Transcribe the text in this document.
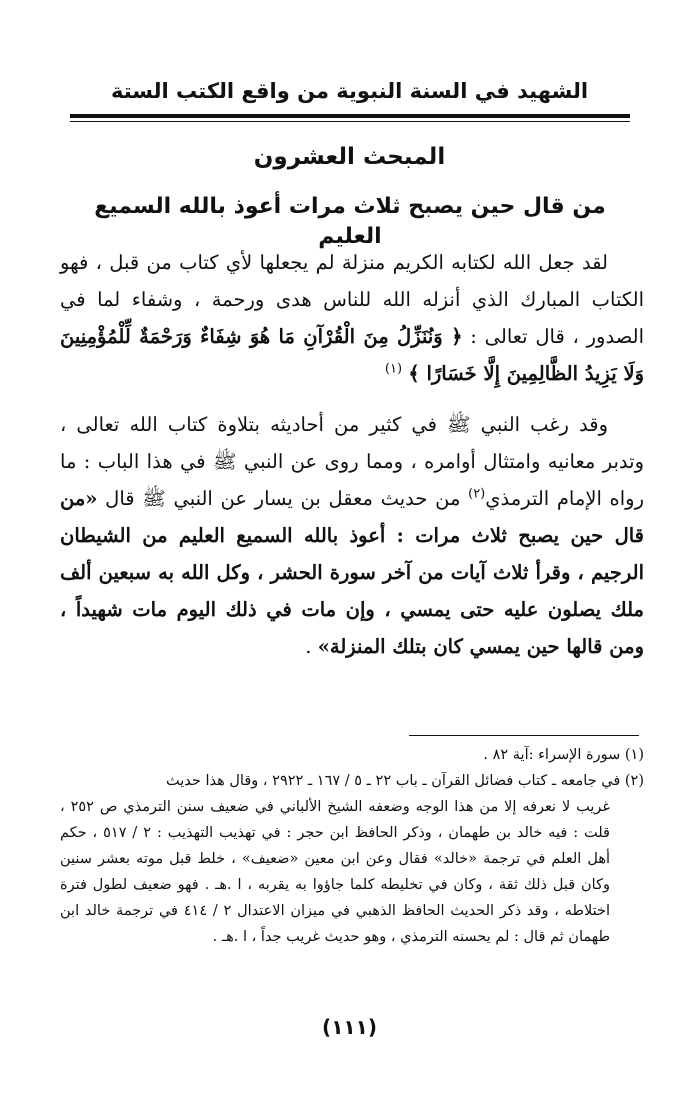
الشهيد في السنة النبوية من واقع الكتب الستة
المبحث العشرون
من قال حين يصبح ثلاث مرات أعوذ بالله السميع العليم

لقد جعل الله لكتابه الكريم منزلة لم يجعلها لأي كتاب من قبل ، فهو الكتاب المبارك الذي أنزله الله للناس هدى ورحمة ، وشفاء لما في الصدور ، قال تعالى : ﴿ وَنُنَزِّلُ مِنَ الْقُرْآنِ مَا هُوَ شِفَاءٌ وَرَحْمَةٌ لِّلْمُؤْمِنِينَ وَلَا يَزِيدُ الظَّالِمِينَ إِلَّا خَسَارًا ﴾ $^{(١)}$

وقد رغب النبي ﷺ في كثير من أحاديثه بتلاوة كتاب الله تعالى ، وتدبر معانيه وامتثال أوامره ، ومما روى عن النبي ﷺ في هذا الباب : ما رواه الإمام الترمذي$^{(٢)}$ من حديث معقل بن يسار عن النبي ﷺ قال «من قال حين يصبح ثلاث مرات : أعوذ بالله السميع العليم من الشيطان الرجيم ، وقرأ ثلاث آيات من آخر سورة الحشر ، وكل الله به سبعين ألف ملك يصلون عليه حتى يمسي ، وإن مات في ذلك اليوم مات شهيداً ، ومن قالها حين يمسي كان بتلك المنزلة» .

(١) سورة الإسراء :آية ٨٢ .

(٢) في جامعه ـ كتاب فضائل القرآن ـ باب ٢٢ ـ ٥ / ١٦٧ ـ ٢٩٢٢ ، وقال هذا حديث

غريب لا نعرفه إلا من هذا الوجه وضعفه الشيخ الألباني في ضعيف سنن الترمذي ص ٢٥٢ ، قلت : فيه خالد بن طهمان ، وذكر الحافظ ابن حجر : في تهذيب التهذيب : ٢ / ٥١٧ ، حكم أهل العلم في ترجمة «خالد» فقال وعن ابن معين «ضعيف» ، خلط قبل موته بعشر سنين وكان قبل ذلك ثقة ، وكان في تخليطه كلما جاؤوا به يقربه ، ا .هـ . فهو ضعيف لطول فترة اختلاطه ، وقد ذكر الحديث الحافظ الذهبي في ميزان الاعتدال ٢ / ٤١٤ في ترجمة خالد ابن طهمان ثم قال : لم يحسنه الترمذي ، وهو حديث غريب جداً ، ا .هـ .

(١١١)
